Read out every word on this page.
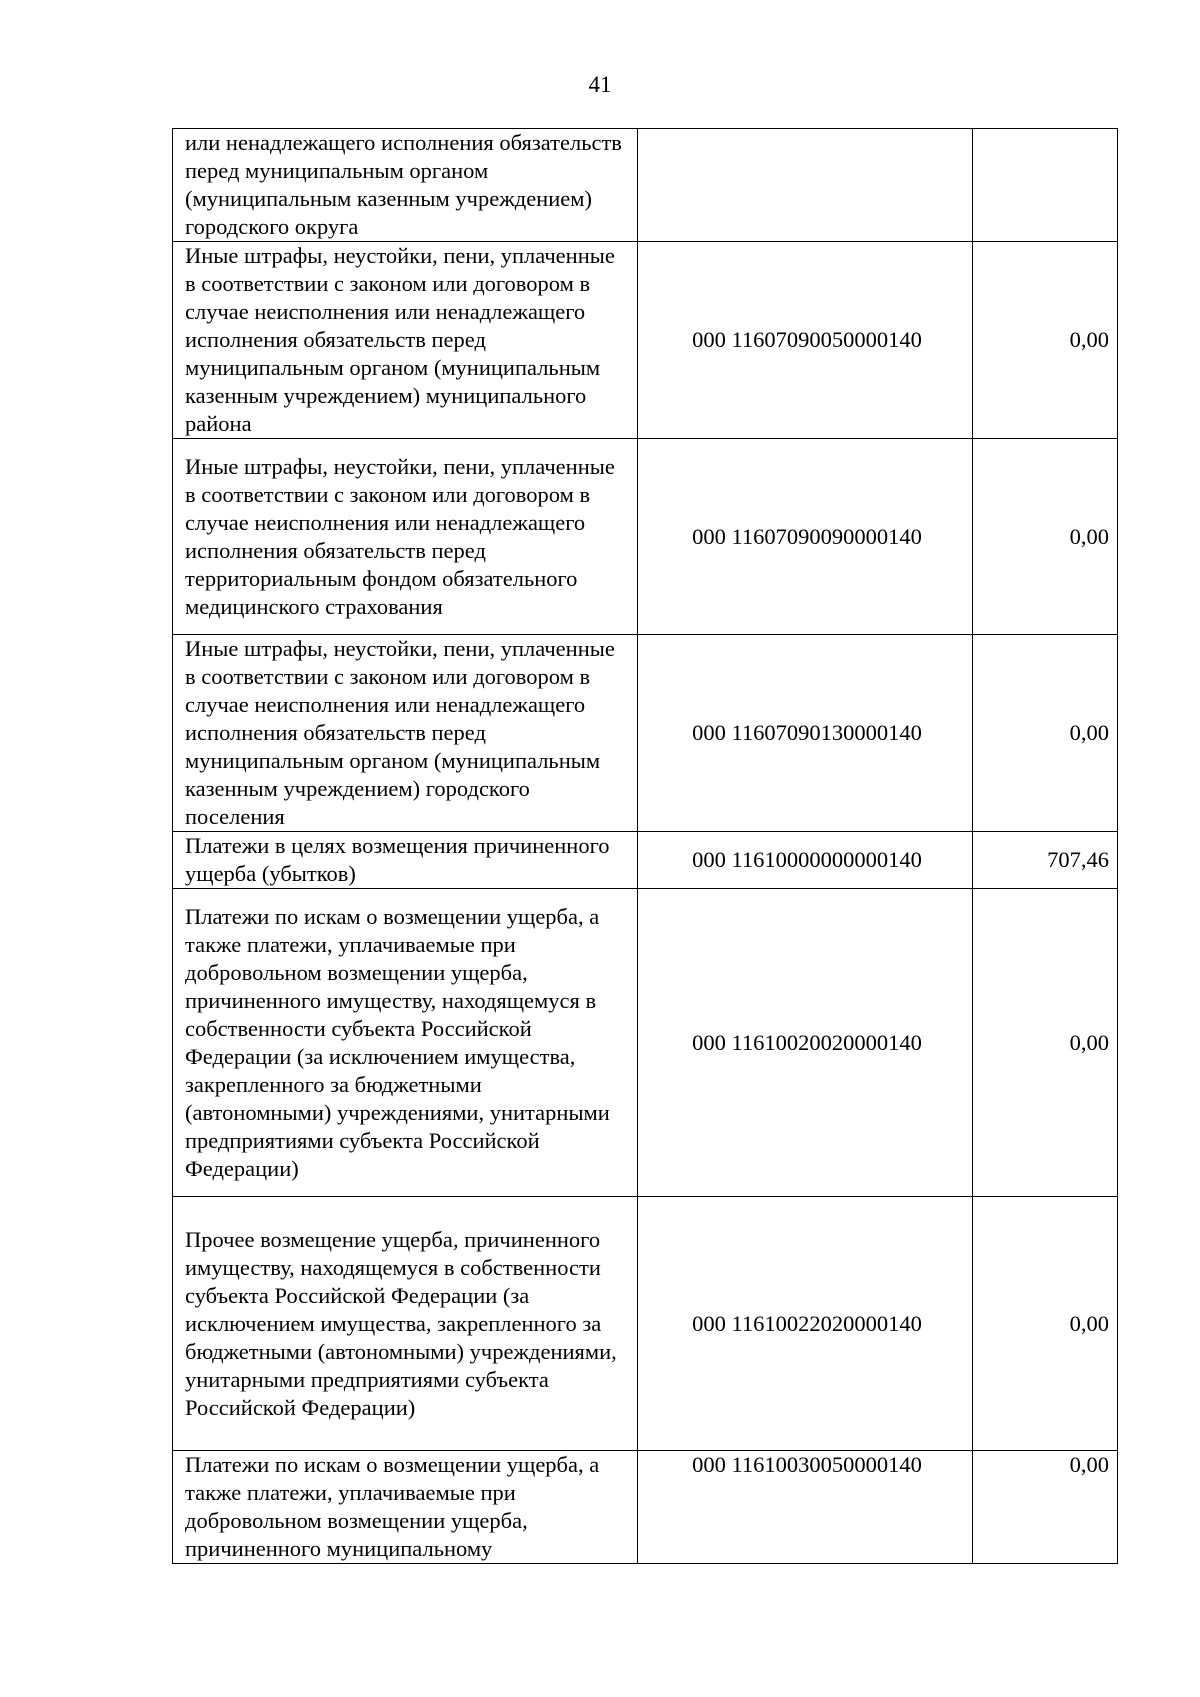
41
или ненадлежащего исполнения обязательств перед муниципальным органом (муниципальным казенным учреждением) городского округа		
Иные штрафы, неустойки, пени, уплаченные в соответствии с законом или договором в случае неисполнения или ненадлежащего исполнения обязательств перед муниципальным органом (муниципальным казенным учреждением) муниципального района	000 11607090050000140	0,00
Иные штрафы, неустойки, пени, уплаченные в соответствии с законом или договором в случае неисполнения или ненадлежащего исполнения обязательств перед территориальным фондом обязательного медицинского страхования	000 11607090090000140	0,00
Иные штрафы, неустойки, пени, уплаченные в соответствии с законом или договором в случае неисполнения или ненадлежащего исполнения обязательств перед муниципальным органом (муниципальным казенным учреждением) городского поселения	000 11607090130000140	0,00
Платежи в целях возмещения причиненного ущерба (убытков)	000 11610000000000140	707,46
Платежи по искам о возмещении ущерба, а также платежи, уплачиваемые при добровольном возмещении ущерба, причиненного имуществу, находящемуся в собственности субъекта Российской Федерации (за исключением имущества, закрепленного за бюджетными (автономными) учреждениями, унитарными предприятиями субъекта Российской Федерации)	000 11610020020000140	0,00
Прочее возмещение ущерба, причиненного имуществу, находящемуся в собственности субъекта Российской Федерации (за исключением имущества, закрепленного за бюджетными (автономными) учреждениями, унитарными предприятиями субъекта Российской Федерации)	000 11610022020000140	0,00
Платежи по искам о возмещении ущерба, а также платежи, уплачиваемые при добровольном возмещении ущерба, причиненного муниципальному	000 11610030050000140	0,00
